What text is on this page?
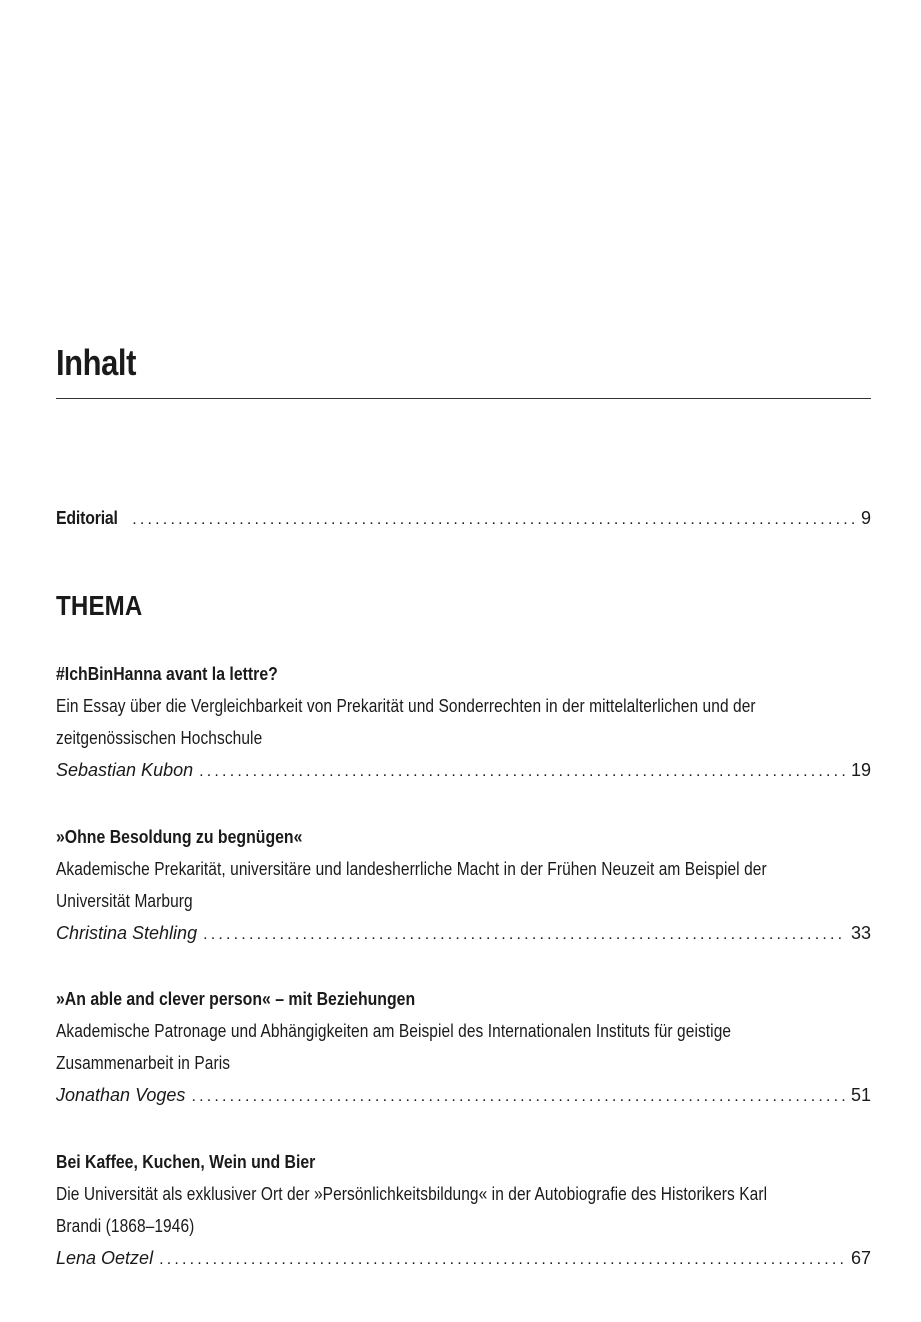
Inhalt
Editorial .....	9
THEMA
#IchBinHanna avant la lettre?
Ein Essay über die Vergleichbarkeit von Prekarität und Sonderrechten in der mittelalterlichen und der zeitgenössischen Hochschule
Sebastian Kubon .....	19
»Ohne Besoldung zu begnügen«
Akademische Prekarität, universitäre und landesherrliche Macht in der Frühen Neuzeit am Beispiel der Universität Marburg
Christina Stehling .....	33
»An able and clever person« – mit Beziehungen
Akademische Patronage und Abhängigkeiten am Beispiel des Internationalen Instituts für geistige Zusammenarbeit in Paris
Jonathan Voges .....	51
Bei Kaffee, Kuchen, Wein und Bier
Die Universität als exklusiver Ort der »Persönlichkeitsbildung« in der Autobiografie des Historikers Karl Brandi (1868–1946)
Lena Oetzel .....	67
